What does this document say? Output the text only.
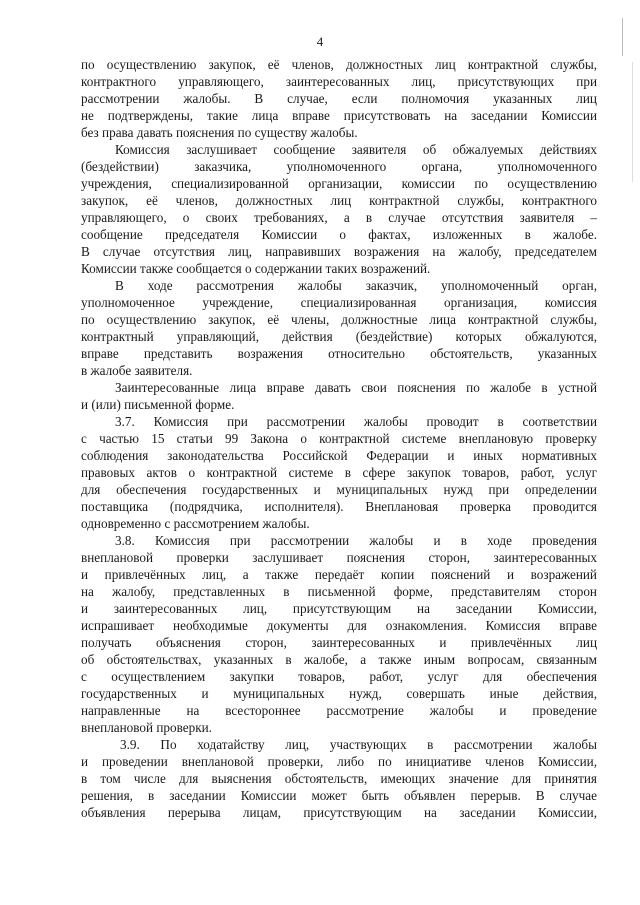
4
по осуществлению закупок, её членов, должностных лиц контрактной службы,
контрактного управляющего, заинтересованных лиц, присутствующих при
рассмотрении жалобы. В случае, если полномочия указанных лиц
не подтверждены, такие лица вправе присутствовать на заседании Комиссии
без права давать пояснения по существу жалобы.
Комиссия заслушивает сообщение заявителя об обжалуемых действиях
(бездействии) заказчика, уполномоченного органа, уполномоченного
учреждения, специализированной организации, комиссии по осуществлению
закупок, её членов, должностных лиц контрактной службы, контрактного
управляющего, о своих требованиях, а в случае отсутствия заявителя –
сообщение председателя Комиссии о фактах, изложенных в жалобе.
В случае отсутствия лиц, направивших возражения на жалобу, председателем
Комиссии также сообщается о содержании таких возражений.
В ходе рассмотрения жалобы заказчик, уполномоченный орган,
уполномоченное учреждение, специализированная организация, комиссия
по осуществлению закупок, её члены, должностные лица контрактной службы,
контрактный управляющий, действия (бездействие) которых обжалуются,
вправе представить возражения относительно обстоятельств, указанных
в жалобе заявителя.
Заинтересованные лица вправе давать свои пояснения по жалобе в устной
и (или) письменной форме.
3.7. Комиссия при рассмотрении жалобы проводит в соответствии
с частью 15 статьи 99 Закона о контрактной системе внеплановую проверку
соблюдения законодательства Российской Федерации и иных нормативных
правовых актов о контрактной системе в сфере закупок товаров, работ, услуг
для обеспечения государственных и муниципальных нужд при определении
поставщика (подрядчика, исполнителя). Внеплановая проверка проводится
одновременно с рассмотрением жалобы.
3.8. Комиссия при рассмотрении жалобы и в ходе проведения
внеплановой проверки заслушивает пояснения сторон, заинтересованных
и привлечённых лиц, а также передаёт копии пояснений и возражений
на жалобу, представленных в письменной форме, представителям сторон
и заинтересованных лиц, присутствующим на заседании Комиссии,
испрашивает необходимые документы для ознакомления. Комиссия вправе
получать объяснения сторон, заинтересованных и привлечённых лиц
об обстоятельствах, указанных в жалобе, а также иным вопросам, связанным
с осуществлением закупки товаров, работ, услуг для обеспечения
государственных и муниципальных нужд, совершать иные действия,
направленные на всестороннее рассмотрение жалобы и проведение
внеплановой проверки.
3.9. По ходатайству лиц, участвующих в рассмотрении жалобы
и проведении внеплановой проверки, либо по инициативе членов Комиссии,
в том числе для выяснения обстоятельств, имеющих значение для принятия
решения, в заседании Комиссии может быть объявлен перерыв. В случае
объявления перерыва лицам, присутствующим на заседании Комиссии,
